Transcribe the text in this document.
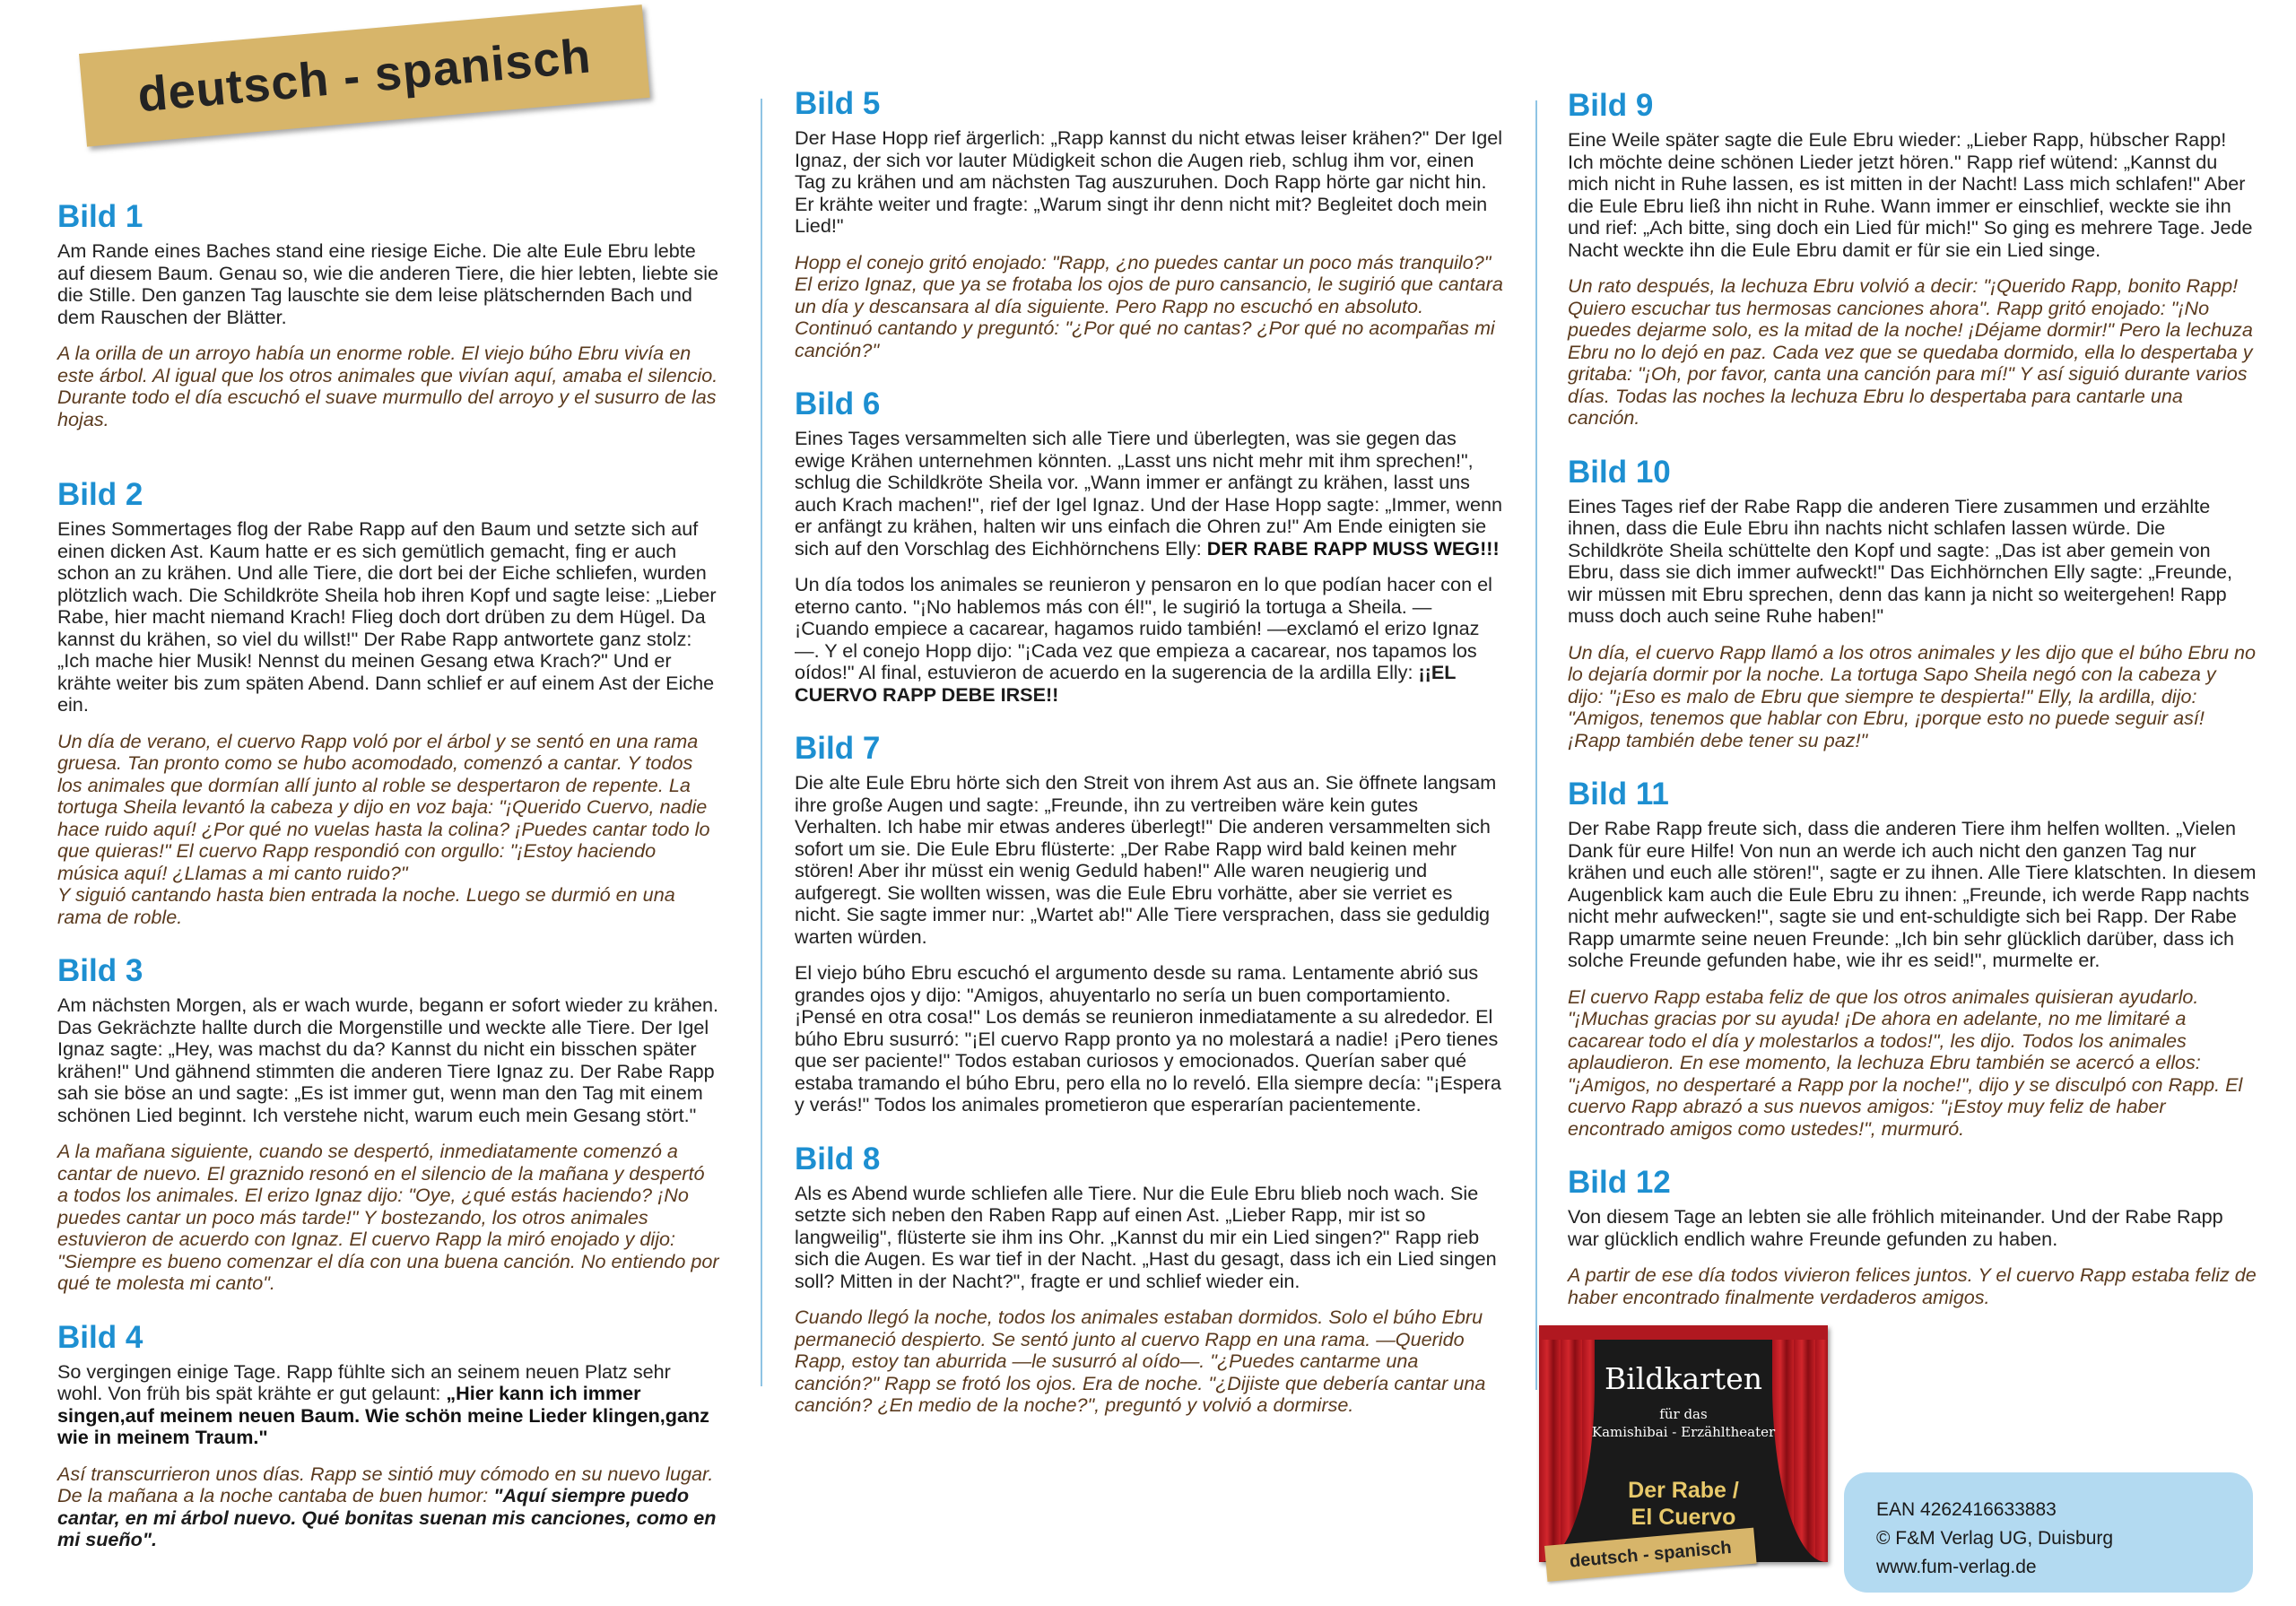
deutsch - spanisch
Bild 1

Am Rande eines Baches stand eine riesige Eiche. Die alte Eule Ebru lebte auf diesem Baum. Genau so, wie die anderen Tiere, die hier lebten, liebte sie die Stille. Den ganzen Tag lauschte sie dem leise plätschernden Bach und dem Rauschen der Blätter.

A la orilla de un arroyo había un enorme roble. El viejo búho Ebru vivía en este árbol. Al igual que los otros animales que vivían aquí, amaba el silencio. Durante todo el día escuchó el suave murmullo del arroyo y el susurro de las hojas.

Bild 2

Eines Sommertages flog der Rabe Rapp auf den Baum und setzte sich auf einen dicken Ast. Kaum hatte er es sich gemütlich gemacht, fing er auch schon an zu krähen. Und alle Tiere, die dort bei der Eiche schliefen, wurden plötzlich wach. Die Schildkröte Sheila hob ihren Kopf und sagte leise: „Lieber Rabe, hier macht niemand Krach! Flieg doch dort drüben zu dem Hügel. Da kannst du krähen, so viel du willst!" Der Rabe Rapp antwortete ganz stolz: „Ich mache hier Musik! Nennst du meinen Gesang etwa Krach?" Und er krähte weiter bis zum späten Abend. Dann schlief er auf einem Ast der Eiche ein.

Un día de verano, el cuervo Rapp voló por el árbol y se sentó en una rama gruesa. Tan pronto como se hubo acomodado, comenzó a cantar. Y todos los animales que dormían allí junto al roble se despertaron de repente. La tortuga Sheila levantó la cabeza y dijo en voz baja: "¡Querido Cuervo, nadie hace ruido aquí! ¿Por qué no vuelas hasta la colina? ¡Puedes cantar todo lo que quieras!" El cuervo Rapp respondió con orgullo: "¡Estoy haciendo música aquí! ¿Llamas a mi canto ruido?"

Y siguió cantando hasta bien entrada la noche. Luego se durmió en una rama de roble.

Bild 3

Am nächsten Morgen, als er wach wurde, begann er sofort wieder zu krähen. Das Gekrächzte hallte durch die Morgenstille und weckte alle Tiere. Der Igel Ignaz sagte: „Hey, was machst du da? Kannst du nicht ein bisschen später krähen!" Und gähnend stimmten die anderen Tiere Ignaz zu. Der Rabe Rapp sah sie böse an und sagte: „Es ist immer gut, wenn man den Tag mit einem schönen Lied beginnt. Ich verstehe nicht, warum euch mein Gesang stört."

A la mañana siguiente, cuando se despertó, inmediatamente comenzó a cantar de nuevo. El graznido resonó en el silencio de la mañana y despertó a todos los animales. El erizo Ignaz dijo: "Oye, ¿qué estás haciendo? ¡No puedes cantar un poco más tarde!" Y bostezando, los otros animales estuvieron de acuerdo con Ignaz. El cuervo Rapp la miró enojado y dijo: "Siempre es bueno comenzar el día con una buena canción. No entiendo por qué te molesta mi canto".

Bild 4

So vergingen einige Tage. Rapp fühlte sich an seinem neuen Platz sehr wohl. Von früh bis spät krähte er gut gelaunt: „Hier kann ich immer singen,auf meinem neuen Baum. Wie schön meine Lieder klingen,ganz wie in meinem Traum."

Así transcurrieron unos días. Rapp se sintió muy cómodo en su nuevo lugar. De la mañana a la noche cantaba de buen humor: "Aquí siempre puedo cantar, en mi árbol nuevo. Qué bonitas suenan mis canciones, como en mi sueño".

Bild 5

Der Hase Hopp rief ärgerlich: „Rapp kannst du nicht etwas leiser krähen?" Der Igel Ignaz, der sich vor lauter Müdigkeit schon die Augen rieb, schlug ihm vor, einen Tag zu krähen und am nächsten Tag auszuruhen. Doch Rapp hörte gar nicht hin. Er krähte weiter und fragte: „Warum singt ihr denn nicht mit? Begleitet doch mein Lied!"

Hopp el conejo gritó enojado: "Rapp, ¿no puedes cantar un poco más tranquilo?" El erizo Ignaz, que ya se frotaba los ojos de puro cansancio, le sugirió que cantara un día y descansara al día siguiente. Pero Rapp no escuchó en absoluto. Continuó cantando y preguntó: "¿Por qué no cantas? ¿Por qué no acompañas mi canción?"

Bild 6

Eines Tages versammelten sich alle Tiere und überlegten, was sie gegen das ewige Krähen unternehmen könnten. „Lasst uns nicht mehr mit ihm sprechen!", schlug die Schildkröte Sheila vor. „Wann immer er anfängt zu krähen, lasst uns auch Krach machen!", rief der Igel Ignaz. Und der Hase Hopp sagte: „Immer, wenn er anfängt zu krähen, halten wir uns einfach die Ohren zu!" Am Ende einigten sie sich auf den Vorschlag des Eichhörnchens Elly: DER RABE RAPP MUSS WEG!!!

Un día todos los animales se reunieron y pensaron en lo que podían hacer con el eterno canto. "¡No hablemos más con él!", le sugirió la tortuga a Sheila. —¡Cuando empiece a cacarear, hagamos ruido también! —exclamó el erizo Ignaz—. Y el conejo Hopp dijo: "¡Cada vez que empieza a cacarear, nos tapamos los oídos!" Al final, estuvieron de acuerdo en la sugerencia de la ardilla Elly: ¡¡EL CUERVO RAPP DEBE IRSE!!

Bild 7

Die alte Eule Ebru hörte sich den Streit von ihrem Ast aus an. Sie öffnete langsam ihre große Augen und sagte: „Freunde, ihn zu vertreiben wäre kein gutes Verhalten. Ich habe mir etwas anderes überlegt!" Die anderen versammelten sich sofort um sie. Die Eule Ebru flüsterte: „Der Rabe Rapp wird bald keinen mehr stören! Aber ihr müsst ein wenig Geduld haben!" Alle waren neugierig und aufgeregt. Sie wollten wissen, was die Eule Ebru vorhätte, aber sie verriet es nicht. Sie sagte immer nur: „Wartet ab!" Alle Tiere versprachen, dass sie geduldig warten würden.

El viejo búho Ebru escuchó el argumento desde su rama. Lentamente abrió sus grandes ojos y dijo: "Amigos, ahuyentarlo no sería un buen comportamiento. ¡Pensé en otra cosa!" Los demás se reunieron inmediatamente a su alrededor. El búho Ebru susurró: "¡El cuervo Rapp pronto ya no molestará a nadie! ¡Pero tienes que ser paciente!" Todos estaban curiosos y emocionados. Querían saber qué estaba tramando el búho Ebru, pero ella no lo reveló. Ella siempre decía: "¡Espera y verás!" Todos los animales prometieron que esperarían pacientemente.

Bild 8

Als es Abend wurde schliefen alle Tiere. Nur die Eule Ebru blieb noch wach. Sie setzte sich neben den Raben Rapp auf einen Ast. „Lieber Rapp, mir ist so langweilig", flüsterte sie ihm ins Ohr. „Kannst du mir ein Lied singen?" Rapp rieb sich die Augen. Es war tief in der Nacht. „Hast du gesagt, dass ich ein Lied singen soll? Mitten in der Nacht?", fragte er und schlief wieder ein.

Cuando llegó la noche, todos los animales estaban dormidos. Solo el búho Ebru permaneció despierto. Se sentó junto al cuervo Rapp en una rama. —Querido Rapp, estoy tan aburrida —le susurró al oído—. "¿Puedes cantarme una canción?" Rapp se frotó los ojos. Era de noche. "¿Dijiste que debería cantar una canción? ¿En medio de la noche?", preguntó y volvió a dormirse.

Bild 9

Eine Weile später sagte die Eule Ebru wieder: „Lieber Rapp, hübscher Rapp! Ich möchte deine schönen Lieder jetzt hören." Rapp rief wütend: „Kannst du mich nicht in Ruhe lassen, es ist mitten in der Nacht! Lass mich schlafen!" Aber die Eule Ebru ließ ihn nicht in Ruhe. Wann immer er einschlief, weckte sie ihn und rief: „Ach bitte, sing doch ein Lied für mich!" So ging es mehrere Tage. Jede Nacht weckte ihn die Eule Ebru damit er für sie ein Lied singe.

Un rato después, la lechuza Ebru volvió a decir: "¡Querido Rapp, bonito Rapp! Quiero escuchar tus hermosas canciones ahora". Rapp gritó enojado: "¡No puedes dejarme solo, es la mitad de la noche! ¡Déjame dormir!" Pero la lechuza Ebru no lo dejó en paz. Cada vez que se quedaba dormido, ella lo despertaba y gritaba: "¡Oh, por favor, canta una canción para mí!" Y así siguió durante varios días. Todas las noches la lechuza Ebru lo despertaba para cantarle una canción.

Bild 10

Eines Tages rief der Rabe Rapp die anderen Tiere zusammen und erzählte ihnen, dass die Eule Ebru ihn nachts nicht schlafen lassen würde. Die Schildkröte Sheila schüttelte den Kopf und sagte: „Das ist aber gemein von Ebru, dass sie dich immer aufweckt!" Das Eichhörnchen Elly sagte: „Freunde, wir müssen mit Ebru sprechen, denn das kann ja nicht so weitergehen! Rapp muss doch auch seine Ruhe haben!"

Un día, el cuervo Rapp llamó a los otros animales y les dijo que el búho Ebru no lo dejaría dormir por la noche. La tortuga Sapo Sheila negó con la cabeza y dijo: "¡Eso es malo de Ebru que siempre te despierta!" Elly, la ardilla, dijo: "Amigos, tenemos que hablar con Ebru, ¡porque esto no puede seguir así! ¡Rapp también debe tener su paz!"

Bild 11

Der Rabe Rapp freute sich, dass die anderen Tiere ihm helfen wollten. „Vielen Dank für eure Hilfe! Von nun an werde ich auch nicht den ganzen Tag nur krähen und euch alle stören!", sagte er zu ihnen. Alle Tiere klatschten. In diesem Augenblick kam auch die Eule Ebru zu ihnen: „Freunde, ich werde Rapp nachts nicht mehr aufwecken!", sagte sie und ent-schuldigte sich bei Rapp. Der Rabe Rapp umarmte seine neuen Freunde: „Ich bin sehr glücklich darüber, dass ich solche Freunde gefunden habe, wie ihr es seid!", murmelte er.

El cuervo Rapp estaba feliz de que los otros animales quisieran ayudarlo. "¡Muchas gracias por su ayuda! ¡De ahora en adelante, no me limitaré a cacarear todo el día y molestarlos a todos!", les dijo. Todos los animales aplaudieron. En ese momento, la lechuza Ebru también se acercó a ellos: "¡Amigos, no despertaré a Rapp por la noche!", dijo y se disculpó con Rapp. El cuervo Rapp abrazó a sus nuevos amigos: "¡Estoy muy feliz de haber encontrado amigos como ustedes!", murmuró.

Bild 12

Von diesem Tage an lebten sie alle fröhlich miteinander. Und der Rabe Rapp war glücklich endlich wahre Freunde gefunden zu haben.

A partir de ese día todos vivieron felices juntos. Y el cuervo Rapp estaba feliz de haber encontrado finalmente verdaderos amigos.

Bildkarten
für das
Kamishibai - Erzähltheater
Der Rabe /
El Cuervo
deutsch - spanisch
EAN 4262416633883
© F&M Verlag UG, Duisburg
www.fum-verlag.de
